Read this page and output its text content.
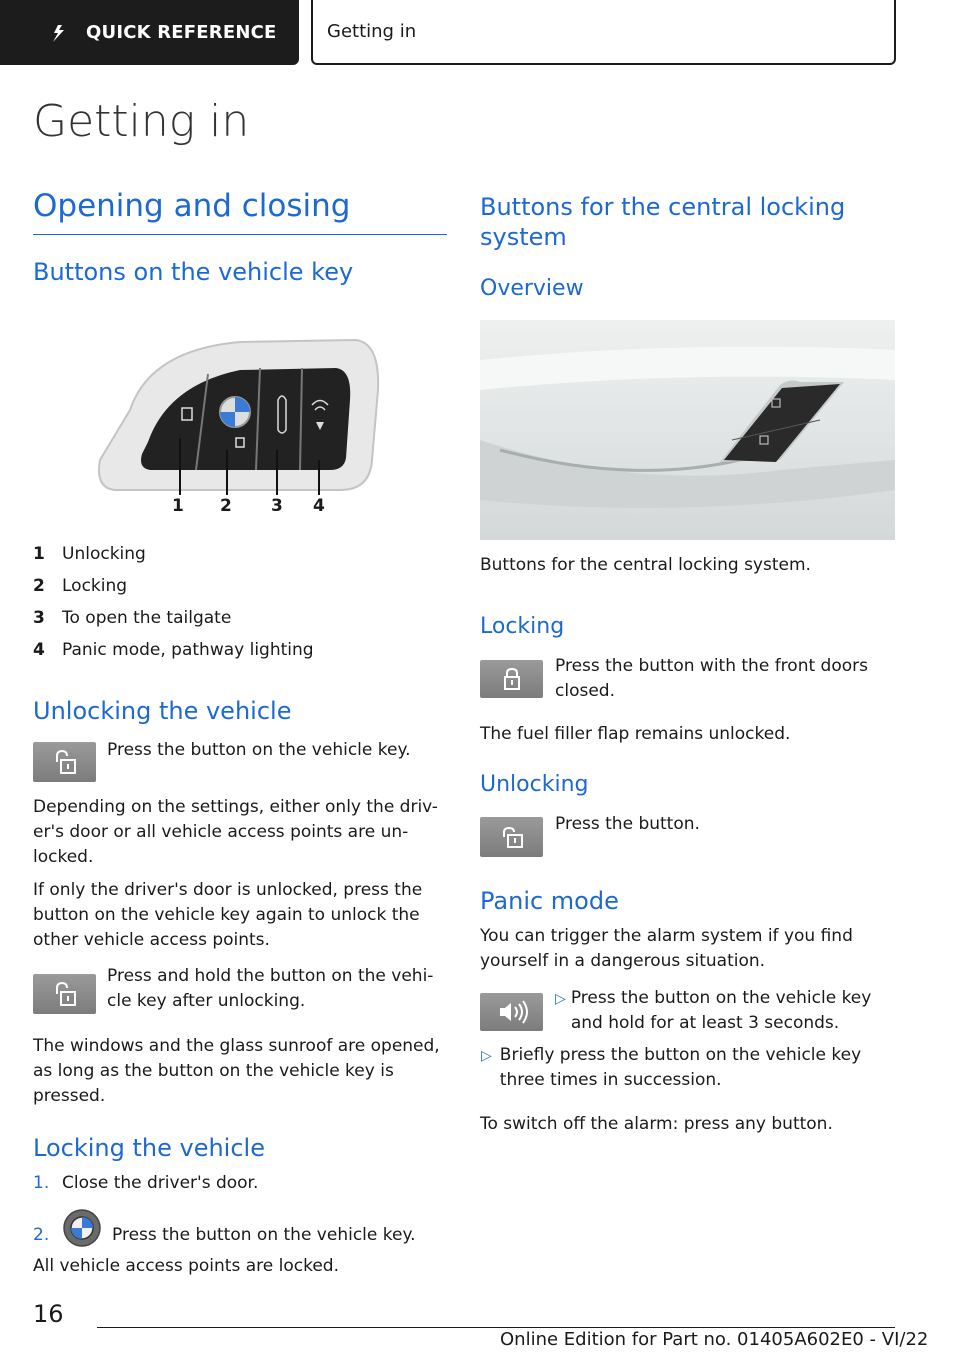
QUICK REFERENCE	Getting in
Getting in
Opening and closing
Buttons on the vehicle key
1 2 3 4
1	Unlocking
2	Locking
3	To open the tailgate
4	Panic mode, pathway lighting
Unlocking the vehicle
Press the button on the vehicle key.
Depending on the settings, either only the driv-er's door or all vehicle access points are un-locked.
If only the driver's door is unlocked, press the button on the vehicle key again to unlock the other vehicle access points.
Press and hold the button on the vehi-cle key after unlocking.
The windows and the glass sunroof are opened, as long as the button on the vehicle key is pressed.
Locking the vehicle
1. Close the driver's door.
2.	Press the button on the vehicle key.
All vehicle access points are locked.
Buttons for the central locking system
Overview
Buttons for the central locking system.
Locking
Press the button with the front doors closed.
The fuel filler flap remains unlocked.
Unlocking
Press the button.
Panic mode
You can trigger the alarm system if you find yourself in a dangerous situation.
▷ Press the button on the vehicle key and hold for at least 3 seconds.
▷ Briefly press the button on the vehicle key three times in succession.
To switch off the alarm: press any button.
16
Online Edition for Part no. 01405A602E0 - VI/22
